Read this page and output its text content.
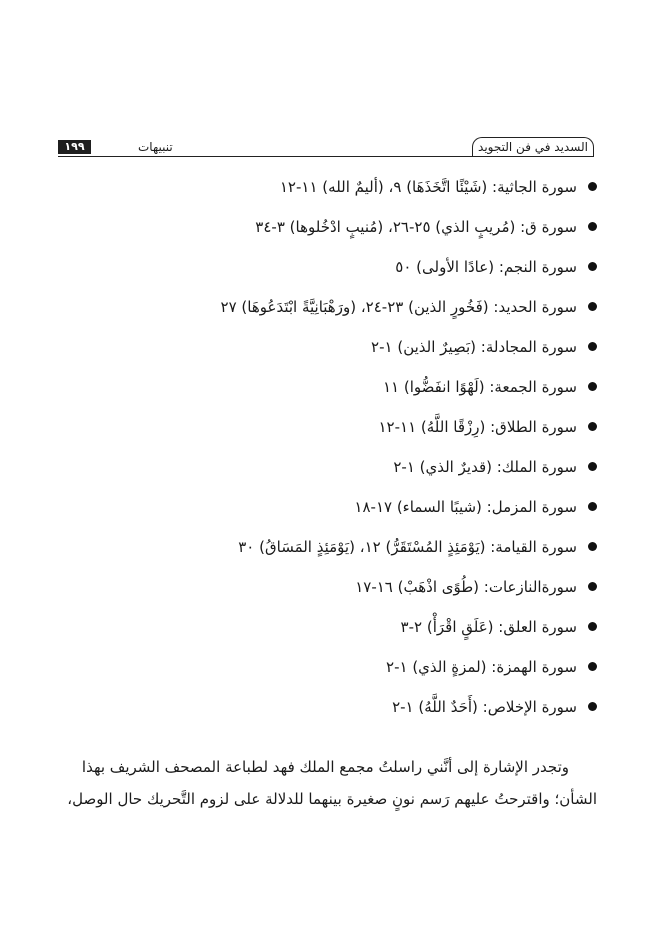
السديد في فن التجويد
١٩٩	تنبيهات
سورة الجاثية: (شَيْئًا اتَّخَذَهَا) ٩، (أليمٌ الله) ١١-١٢
سورة ق: (مُريبٍ الذي) ٢٥-٢٦، (مُنيبٍ ادْخُلوها) ٣-٣٤
سورة النجم: (عادًا الأولى) ٥٠
سورة الحديد: (فَخُورٍ الذين) ٢٣-٢٤، (ورَهْبَانِيَّةً ابْتَدَعُوهَا) ٢٧
سورة المجادلة: (بَصِيرٌ الذين) ١-٢
سورة الجمعة: (لَهْوًا انفَضُّوا) ١١
سورة الطلاق: (رِزْقًا اللَّهُ) ١١-١٢
سورة الملك: (قديرٌ الذي) ١-٢
سورة المزمل: (شيبًا السماء) ١٧-١٨
سورة القيامة: (يَوْمَئِذٍ المُسْتَقَرُّ) ١٢، (يَوْمَئِذٍ المَسَاقُ) ٣٠
سورةالنازعات: (طُوًى اذْهَبْ) ١٦-١٧
سورة العلق: (عَلَقٍ اقْرَأْ) ٢-٣
سورة الهمزة: (لمزةٍ الذي) ١-٢
سورة الإخلاص: (أَحَدٌ اللَّهُ) ١-٢
وتجدر الإشارة إلى أنَّني راسلتُ مجمع الملك فهد لطباعة المصحف الشريف بهذا
الشأن؛ واقترحتُ عليهم رَسم نونٍ صغيرة بينهما للدلالة على لزوم التَّحريك حال الوصل،
